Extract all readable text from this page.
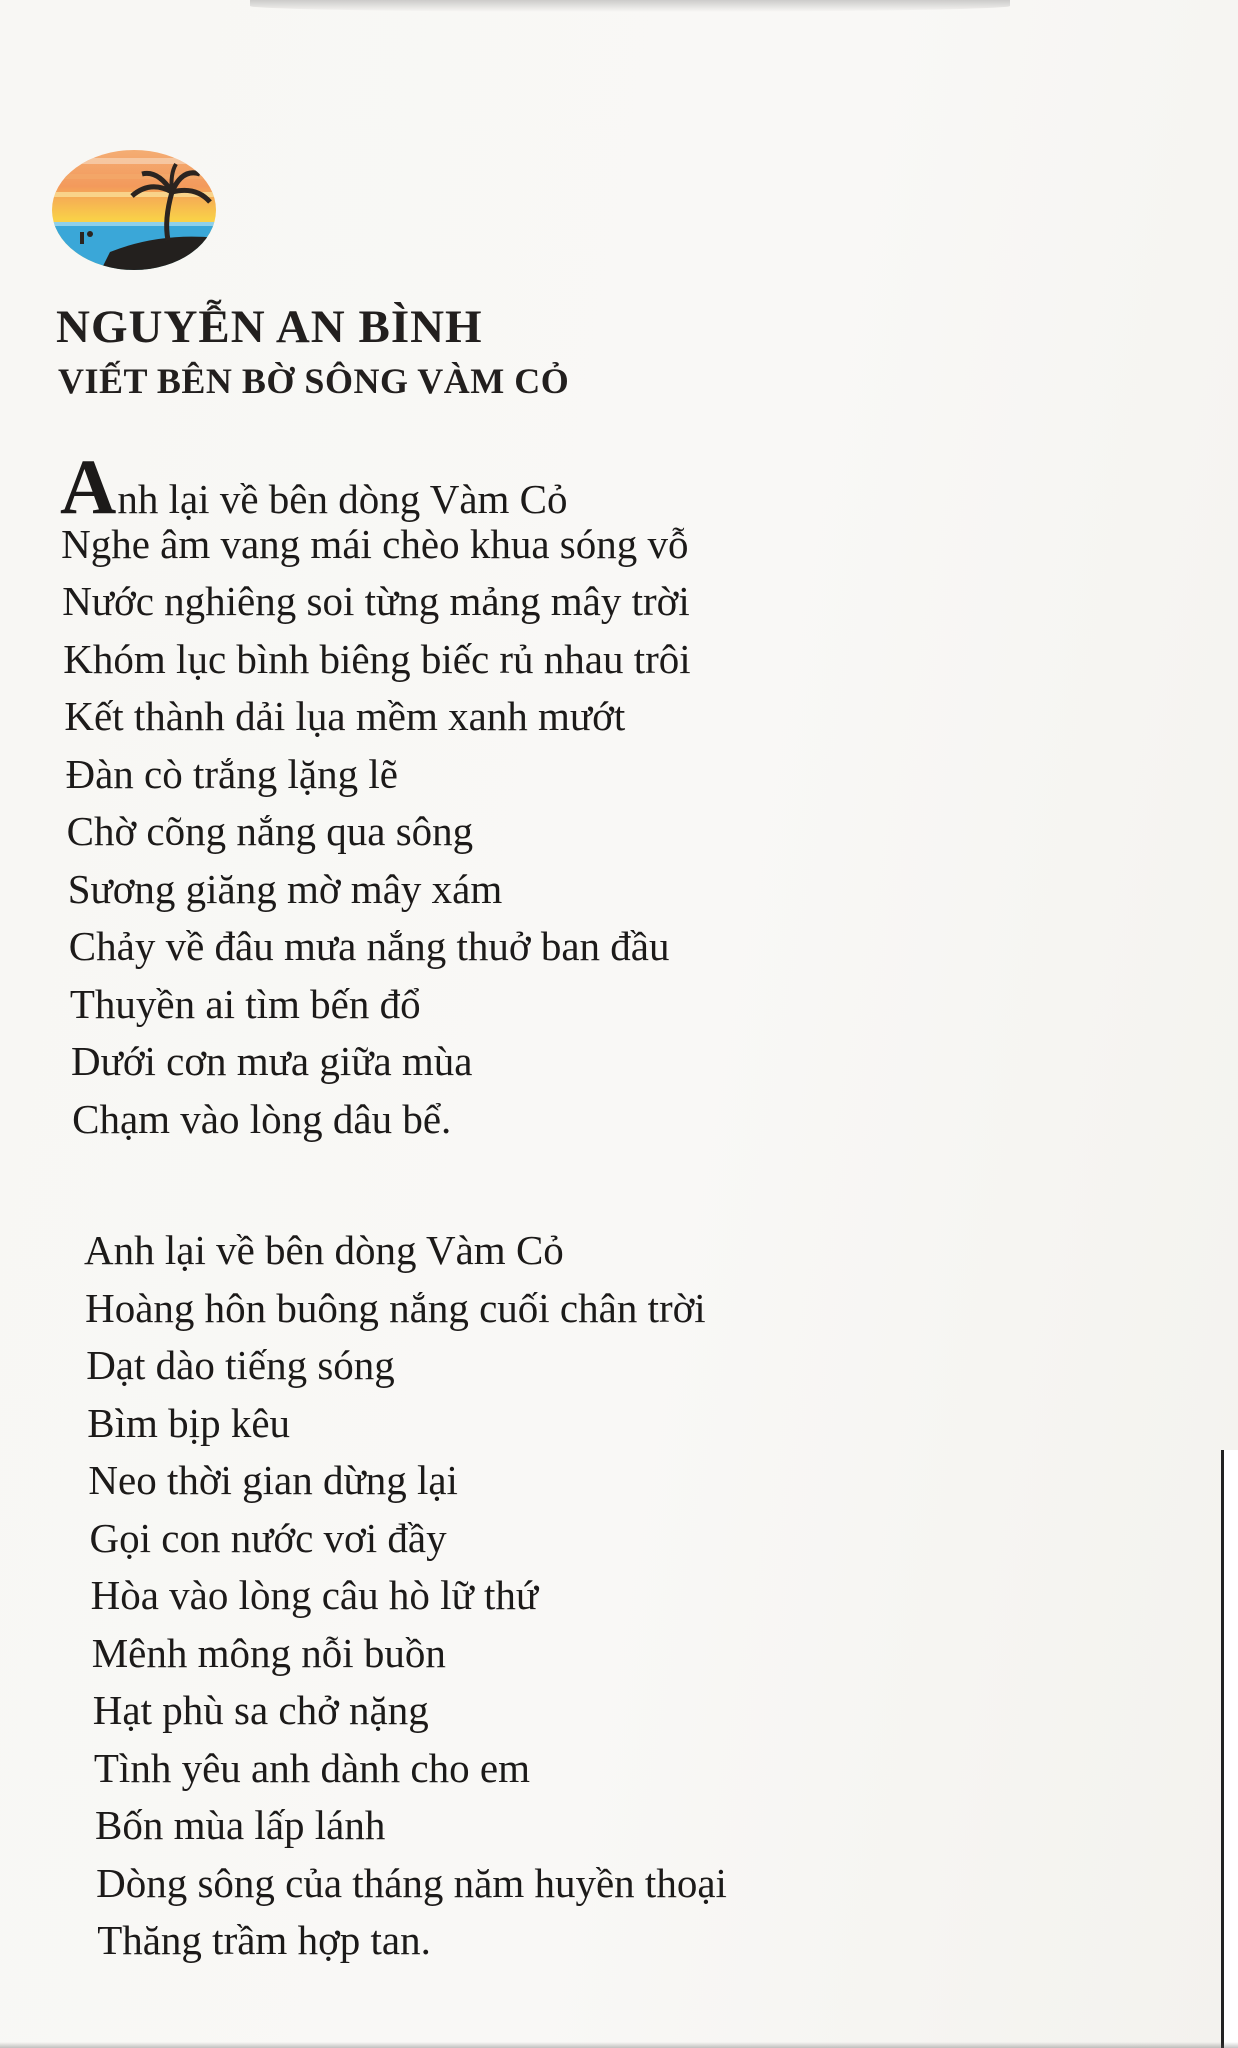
NGUYỄN AN BÌNH
VIẾT BÊN BỜ SÔNG VÀM CỎ
Anh lại về bên dòng Vàm Cỏ
Nghe âm vang mái chèo khua sóng vỗ
Nước nghiêng soi từng mảng mây trời
Khóm lục bình biêng biếc rủ nhau trôi
Kết thành dải lụa mềm xanh mướt
Đàn cò trắng lặng lẽ
Chờ cõng nắng qua sông
Sương giăng mờ mây xám
Chảy về đâu mưa nắng thuở ban đầu
Thuyền ai tìm bến đổ
Dưới cơn mưa giữa mùa
Chạm vào lòng dâu bể.
Anh lại về bên dòng Vàm Cỏ
Hoàng hôn buông nắng cuối chân trời
Dạt dào tiếng sóng
Bìm bịp kêu
Neo thời gian dừng lại
Gọi con nước vơi đầy
Hòa vào lòng câu hò lữ thứ
Mênh mông nỗi buồn
Hạt phù sa chở nặng
Tình yêu anh dành cho em
Bốn mùa lấp lánh
Dòng sông của tháng năm huyền thoại
Thăng trầm hợp tan.
